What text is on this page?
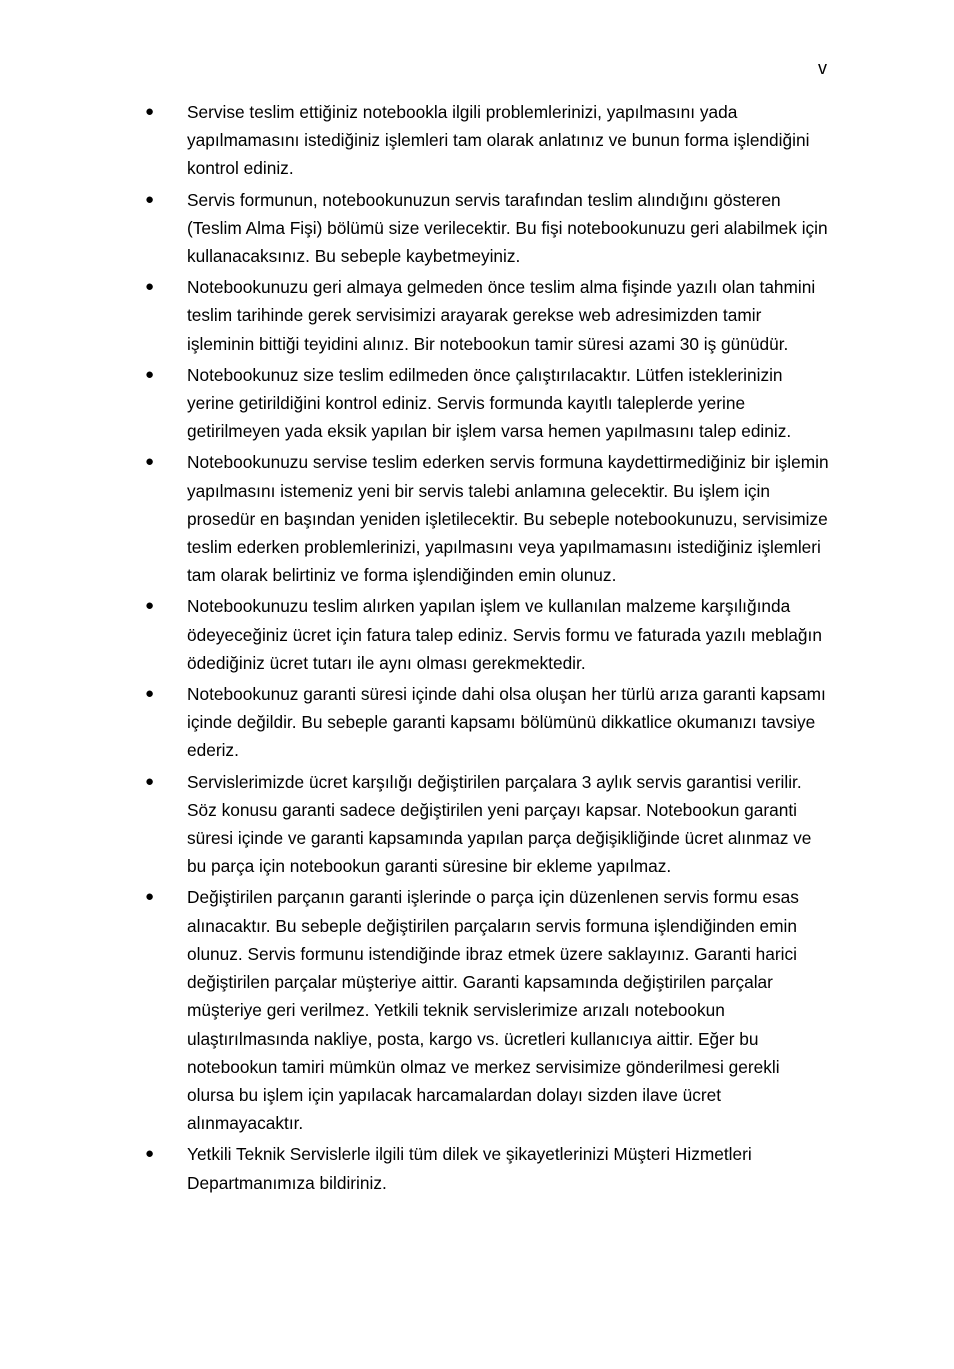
v
● Servise teslim ettiğiniz notebookla ilgili problemlerinizi, yapılmasını yada yapılmamasını istediğiniz işlemleri tam olarak anlatınız ve bunun forma işlendiğini kontrol ediniz.
● Servis formunun, notebookunuzun servis tarafından teslim alındığını gösteren (Teslim Alma Fişi) bölümü size verilecektir. Bu fişi notebookunuzu geri alabilmek için kullanacaksınız. Bu sebeple kaybetmeyiniz.
● Notebookunuzu geri almaya gelmeden önce teslim alma fişinde yazılı olan tahmini teslim tarihinde gerek servisimizi arayarak gerekse web adresimizden tamir işleminin bittiği teyidini alınız. Bir notebookun tamir süresi azami 30 iş günüdür.
● Notebookunuz size teslim edilmeden önce çalıştırılacaktır. Lütfen isteklerinizin yerine getirildiğini kontrol ediniz. Servis formunda kayıtlı taleplerde yerine getirilmeyen yada eksik yapılan bir işlem varsa hemen yapılmasını talep ediniz.
● Notebookunuzu servise teslim ederken servis formuna kaydettirmediğiniz bir işlemin yapılmasını istemeniz yeni bir servis talebi anlamına gelecektir. Bu işlem için prosedür en başından yeniden işletilecektir. Bu sebeple notebookunuzu, servisimize teslim ederken problemlerinizi, yapılmasını veya yapılmamasını istediğiniz işlemleri tam olarak belirtiniz ve forma işlendiğinden emin olunuz.
● Notebookunuzu teslim alırken yapılan işlem ve kullanılan malzeme karşılığında ödeyeceğiniz ücret için fatura talep ediniz. Servis formu ve faturada yazılı meblağın ödediğiniz ücret tutarı ile aynı olması gerekmektedir.
● Notebookunuz garanti süresi içinde dahi olsa oluşan her türlü arıza garanti kapsamı içinde değildir. Bu sebeple garanti kapsamı bölümünü dikkatlice okumanızı tavsiye ederiz.
● Servislerimizde ücret karşılığı değiştirilen parçalara 3 aylık servis garantisi verilir. Söz konusu garanti sadece değiştirilen yeni parçayı kapsar. Notebookun garanti süresi içinde ve garanti kapsamında yapılan parça değişikliğinde ücret alınmaz ve bu parça için notebookun garanti süresine bir ekleme yapılmaz.
● Değiştirilen parçanın garanti işlerinde o parça için düzenlenen servis formu esas alınacaktır. Bu sebeple değiştirilen parçaların servis formuna işlendiğinden emin olunuz. Servis formunu istendiğinde ibraz etmek üzere saklayınız. Garanti harici değiştirilen parçalar müşteriye aittir. Garanti kapsamında değiştirilen parçalar müşteriye geri verilmez. Yetkili teknik servislerimize arızalı notebookun ulaştırılmasında nakliye, posta, kargo vs. ücretleri kullanıcıya aittir. Eğer bu notebookun tamiri mümkün olmaz ve merkez servisimize gönderilmesi gerekli olursa bu işlem için yapılacak harcamalardan dolayı sizden ilave ücret alınmayacaktır.
● Yetkili Teknik Servislerle ilgili tüm dilek ve şikayetlerinizi Müşteri Hizmetleri Departmanımıza bildiriniz.
